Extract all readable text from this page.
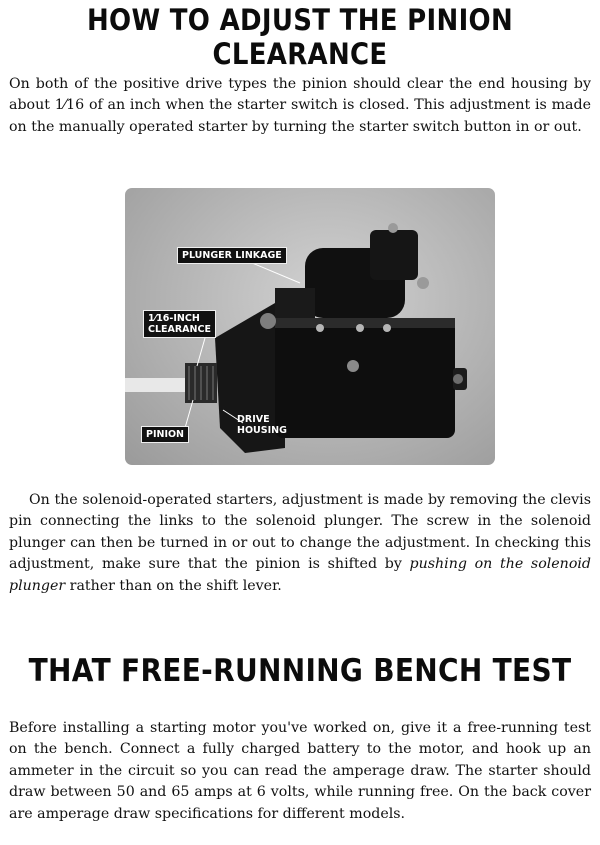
HOW TO ADJUST THE PINION CLEARANCE
On both of the positive drive types the pinion should clear the end housing by about 1⁄16 of an inch when the starter switch is closed. This adjustment is made on the manually operated starter by turning the starter switch button in or out.
PLUNGER LINKAGE
1⁄16-INCH
CLEARANCE
PINION
DRIVE
HOUSING
On the solenoid-operated starters, adjustment is made by removing the clevis pin connecting the links to the solenoid plunger. The screw in the solenoid plunger can then be turned in or out to change the adjustment. In checking this adjustment, make sure that the pinion is shifted by pushing on the solenoid plunger rather than on the shift lever.
THAT FREE-RUNNING BENCH TEST
Before installing a starting motor you've worked on, give it a free-running test on the bench. Connect a fully charged battery to the motor, and hook up an ammeter in the circuit so you can read the amperage draw. The starter should draw between 50 and 65 amps at 6 volts, while running free. On the back cover are amperage draw specifications for different models.
